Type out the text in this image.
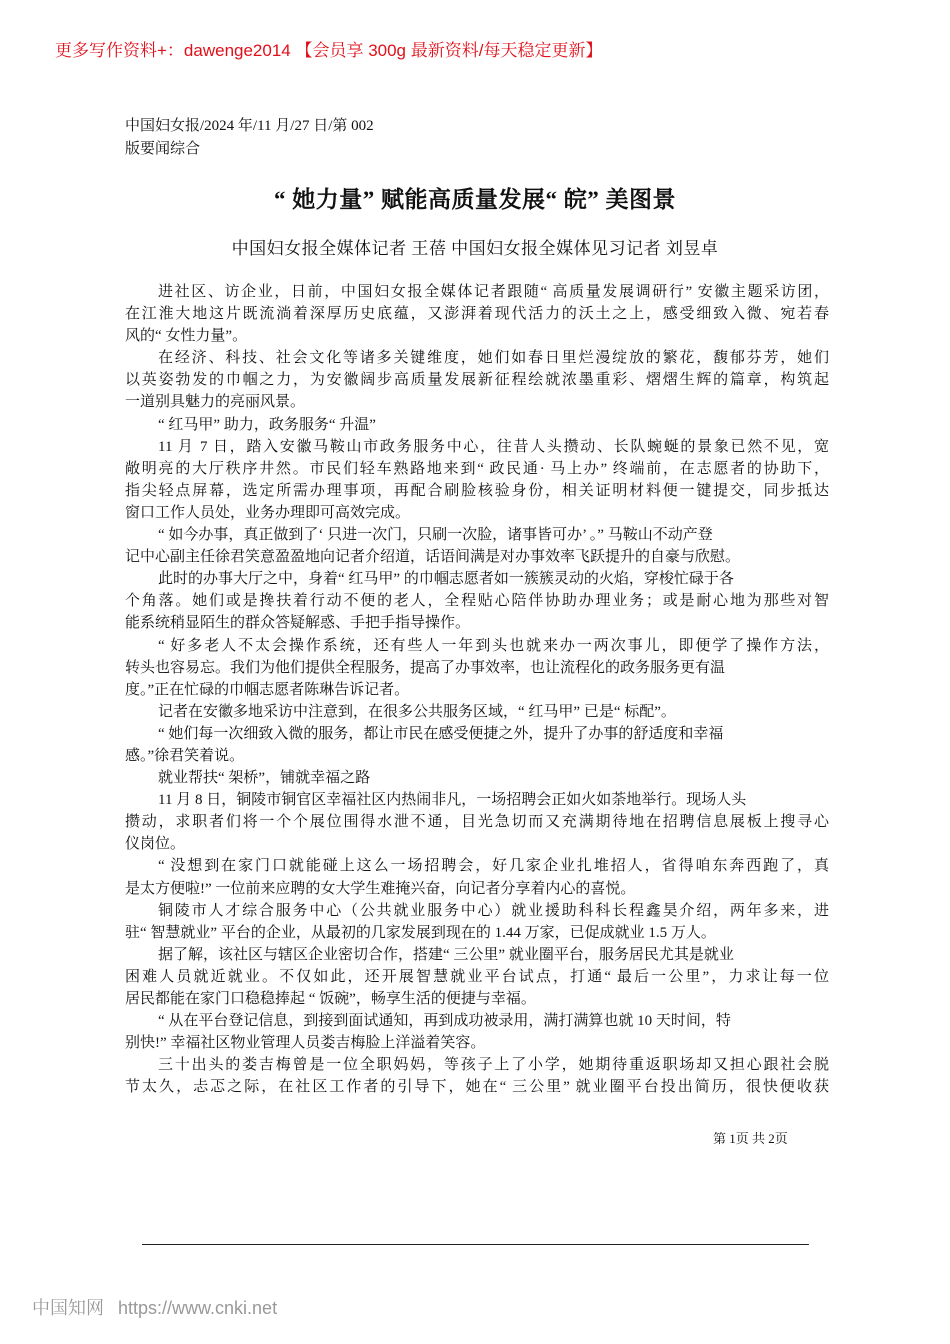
更多写作资料+：dawenge2014 【会员享 300g 最新资料/每天稳定更新】
中国妇女报/2024 年/11 月/27 日/第 002
版要闻综合
“ 她力量” 赋能高质量发展“ 皖” 美图景
中国妇女报全媒体记者 王蓓 中国妇女报全媒体见习记者 刘昱卓
进社区、访企业，日前，中国妇女报全媒体记者跟随“ 高质量发展调研行” 安徽主题采访团，
在江淮大地这片既流淌着深厚历史底蕴，又澎湃着现代活力的沃土之上，感受细致入微、宛若春
风的“ 女性力量”。
在经济、科技、社会文化等诸多关键维度，她们如春日里烂漫绽放的繁花，馥郁芬芳，她们
以英姿勃发的巾帼之力，为安徽阔步高质量发展新征程绘就浓墨重彩、熠熠生辉的篇章，构筑起
一道别具魅力的亮丽风景。
“ 红马甲” 助力，政务服务“ 升温”
11 月 7 日，踏入安徽马鞍山市政务服务中心，往昔人头攒动、长队蜿蜒的景象已然不见，宽
敞明亮的大厅秩序井然。市民们轻车熟路地来到“ 政民通· 马上办” 终端前，在志愿者的协助下，
指尖轻点屏幕，选定所需办理事项，再配合刷脸核验身份，相关证明材料便一键提交，同步抵达
窗口工作人员处，业务办理即可高效完成。
“ 如今办事，真正做到了‘ 只进一次门，只刷一次脸，诸事皆可办’ 。” 马鞍山不动产登
记中心副主任徐君笑意盈盈地向记者介绍道，话语间满是对办事效率飞跃提升的自豪与欣慰。
此时的办事大厅之中，身着“ 红马甲” 的巾帼志愿者如一簇簇灵动的火焰，穿梭忙碌于各
个角落。她们或是搀扶着行动不便的老人，全程贴心陪伴协助办理业务；或是耐心地为那些对智
能系统稍显陌生的群众答疑解惑、手把手指导操作。
“ 好多老人不太会操作系统，还有些人一年到头也就来办一两次事儿，即便学了操作方法，
转头也容易忘。我们为他们提供全程服务，提高了办事效率，也让流程化的政务服务更有温
度。”正在忙碌的巾帼志愿者陈琳告诉记者。
记者在安徽多地采访中注意到，在很多公共服务区域，“ 红马甲” 已是“ 标配”。
“ 她们每一次细致入微的服务，都让市民在感受便捷之外，提升了办事的舒适度和幸福
感。”徐君笑着说。
就业帮扶“ 架桥”，铺就幸福之路
11 月 8 日，铜陵市铜官区幸福社区内热闹非凡，一场招聘会正如火如荼地举行。现场人头
攒动，求职者们将一个个展位围得水泄不通，目光急切而又充满期待地在招聘信息展板上搜寻心
仪岗位。
“ 没想到在家门口就能碰上这么一场招聘会，好几家企业扎堆招人，省得咱东奔西跑了，真
是太方便啦!” 一位前来应聘的女大学生难掩兴奋，向记者分享着内心的喜悦。
铜陵市人才综合服务中心（公共就业服务中心）就业援助科科长程鑫昊介绍，两年多来，进
驻“ 智慧就业” 平台的企业，从最初的几家发展到现在的 1.44 万家，已促成就业 1.5 万人。
据了解，该社区与辖区企业密切合作，搭建“ 三公里” 就业圈平台，服务居民尤其是就业
困难人员就近就业。不仅如此，还开展智慧就业平台试点，打通“ 最后一公里”，力求让每一位
居民都能在家门口稳稳捧起 “ 饭碗”，畅享生活的便捷与幸福。
“ 从在平台登记信息，到接到面试通知，再到成功被录用，满打满算也就 10 天时间，特
别快!” 幸福社区物业管理人员娄吉梅脸上洋溢着笑容。
三十出头的娄吉梅曾是一位全职妈妈，等孩子上了小学，她期待重返职场却又担心跟社会脱
节太久，忐忑之际，在社区工作者的引导下，她在“ 三公里” 就业圈平台投出简历，很快便收获
第 1页 共 2页
中国知网 https://www.cnki.net
